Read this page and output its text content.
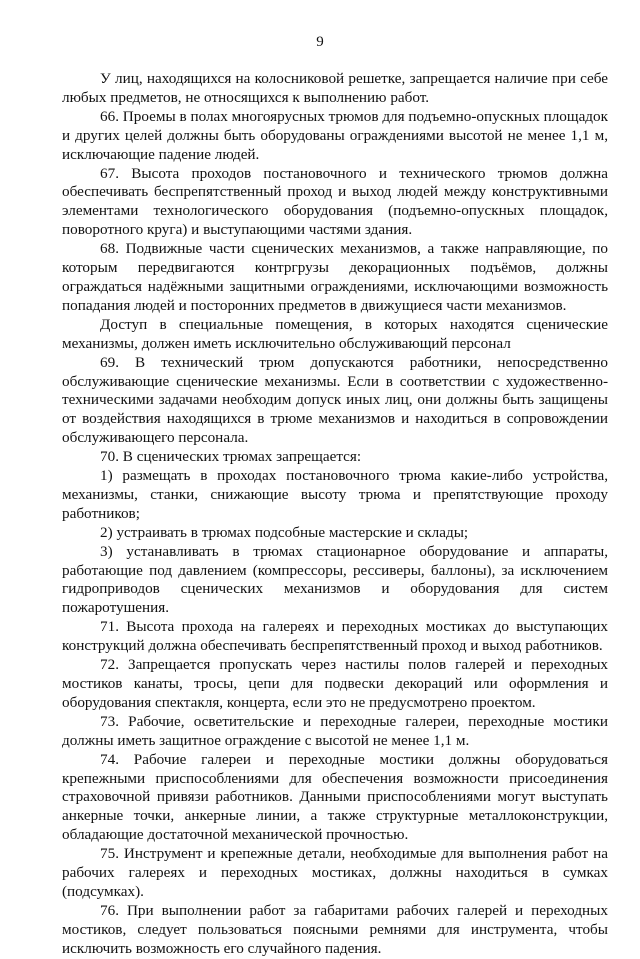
9

У лиц, находящихся на колосниковой решетке, запрещается наличие при себе любых предметов, не относящихся к выполнению работ.

66. Проемы в полах многоярусных трюмов для подъемно-опускных площадок и других целей должны быть оборудованы ограждениями высотой не менее 1,1 м, исключающие падение людей.

67. Высота проходов постановочного и технического трюмов должна обеспечивать беспрепятственный проход и выход людей между конструктивными элементами технологического оборудования (подъемно-опускных площадок, поворотного круга) и выступающими частями здания.

68. Подвижные части сценических механизмов, а также направляющие, по которым передвигаются контргрузы декорационных подъёмов, должны ограждаться надёжными защитными ограждениями, исключающими возможность попадания людей и посторонних предметов в движущиеся части механизмов.

Доступ в специальные помещения, в которых находятся сценические механизмы, должен иметь исключительно обслуживающий персонал

69. В технический трюм допускаются работники, непосредственно обслуживающие сценические механизмы. Если в соответствии с художественно-техническими задачами необходим допуск иных лиц, они должны быть защищены от воздействия находящихся в трюме механизмов и находиться в сопровождении обслуживающего персонала.

70. В сценических трюмах запрещается:

1) размещать в проходах постановочного трюма какие-либо устройства, механизмы, станки, снижающие высоту трюма и препятствующие проходу работников;

2) устраивать в трюмах подсобные мастерские и склады;

3) устанавливать в трюмах стационарное оборудование и аппараты, работающие под давлением (компрессоры, рессиверы, баллоны), за исключением гидроприводов сценических механизмов и оборудования для систем пожаротушения.

71. Высота прохода на галереях и переходных мостиках до выступающих конструкций должна обеспечивать беспрепятственный проход и выход работников.

72. Запрещается пропускать через настилы полов галерей и переходных мостиков канаты, тросы, цепи для подвески декораций или оформления и оборудования спектакля, концерта, если это не предусмотрено проектом.

73. Рабочие, осветительские и переходные галереи, переходные мостики должны иметь защитное ограждение с высотой не менее 1,1 м.

74. Рабочие галереи и переходные мостики должны оборудоваться крепежными приспособлениями для обеспечения возможности присоединения страховочной привязи работников. Данными приспособлениями могут выступать анкерные точки, анкерные линии, а также структурные металлоконструкции, обладающие достаточной механической прочностью.

75. Инструмент и крепежные детали, необходимые для выполнения работ на рабочих галереях и переходных мостиках, должны находиться в сумках (подсумках).

76. При выполнении работ за габаритами рабочих галерей и переходных мостиков, следует пользоваться поясными ремнями для инструмента, чтобы исключить возможность его случайного падения.
